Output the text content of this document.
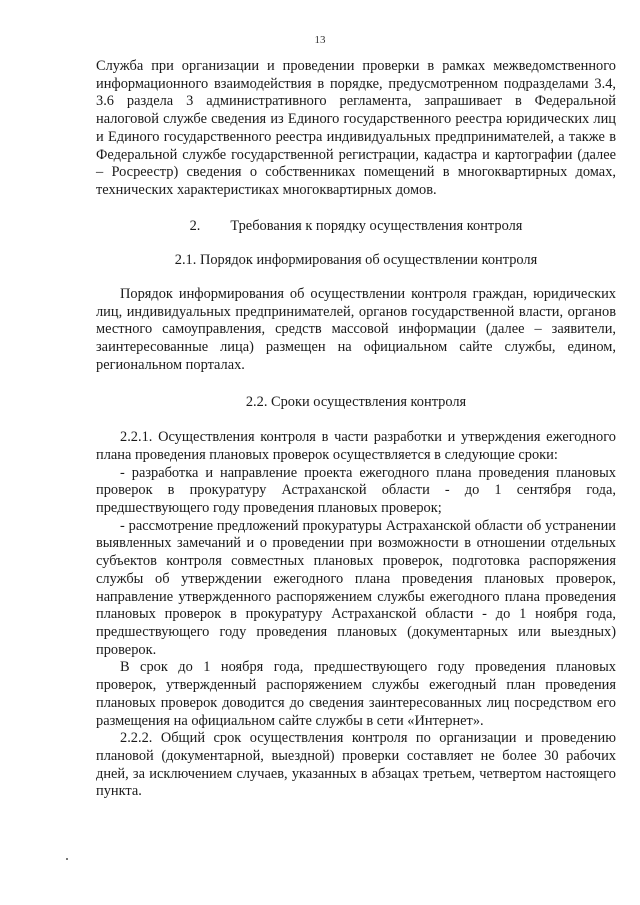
13

Служба при организации и проведении проверки в рамках межведомственного информационного взаимодействия в порядке, предусмотренном подразделами 3.4, 3.6 раздела 3 административного регламента, запрашивает в Федеральной налоговой службе сведения из Единого государственного реестра юридических лиц и Единого государственного реестра индивидуальных предпринимателей, а также в Федеральной службе государственной регистрации, кадастра и картографии (далее – Росреестр) сведения о собственниках помещений в многоквартирных домах, технических характеристиках многоквартирных домов.

2. Требования к порядку осуществления контроля

2.1. Порядок информирования об осуществлении контроля

Порядок информирования об осуществлении контроля граждан, юридических лиц, индивидуальных предпринимателей, органов государственной власти, органов местного самоуправления, средств массовой информации (далее – заявители, заинтересованные лица) размещен на официальном сайте службы, едином, региональном порталах.

2.2. Сроки осуществления контроля

2.2.1. Осуществления контроля в части разработки и утверждения ежегодного плана проведения плановых проверок осуществляется в следующие сроки:

- разработка и направление проекта ежегодного плана проведения плановых проверок в прокуратуру Астраханской области - до 1 сентября года, предшествующего году проведения плановых проверок;

- рассмотрение предложений прокуратуры Астраханской области об устранении выявленных замечаний и о проведении при возможности в отношении отдельных субъектов контроля совместных плановых проверок, подготовка распоряжения службы об утверждении ежегодного плана проведения плановых проверок, направление утвержденного распоряжением службы ежегодного плана проведения плановых проверок в прокуратуру Астраханской области - до 1 ноября года, предшествующего году проведения плановых (документарных или выездных) проверок.

В срок до 1 ноября года, предшествующего году проведения плановых проверок, утвержденный распоряжением службы ежегодный план проведения плановых проверок доводится до сведения заинтересованных лиц посредством его размещения на официальном сайте службы в сети «Интернет».

2.2.2. Общий срок осуществления контроля по организации и проведению плановой (документарной, выездной) проверки составляет не более 30 рабочих дней, за исключением случаев, указанных в абзацах третьем, четвертом настоящего пункта.
